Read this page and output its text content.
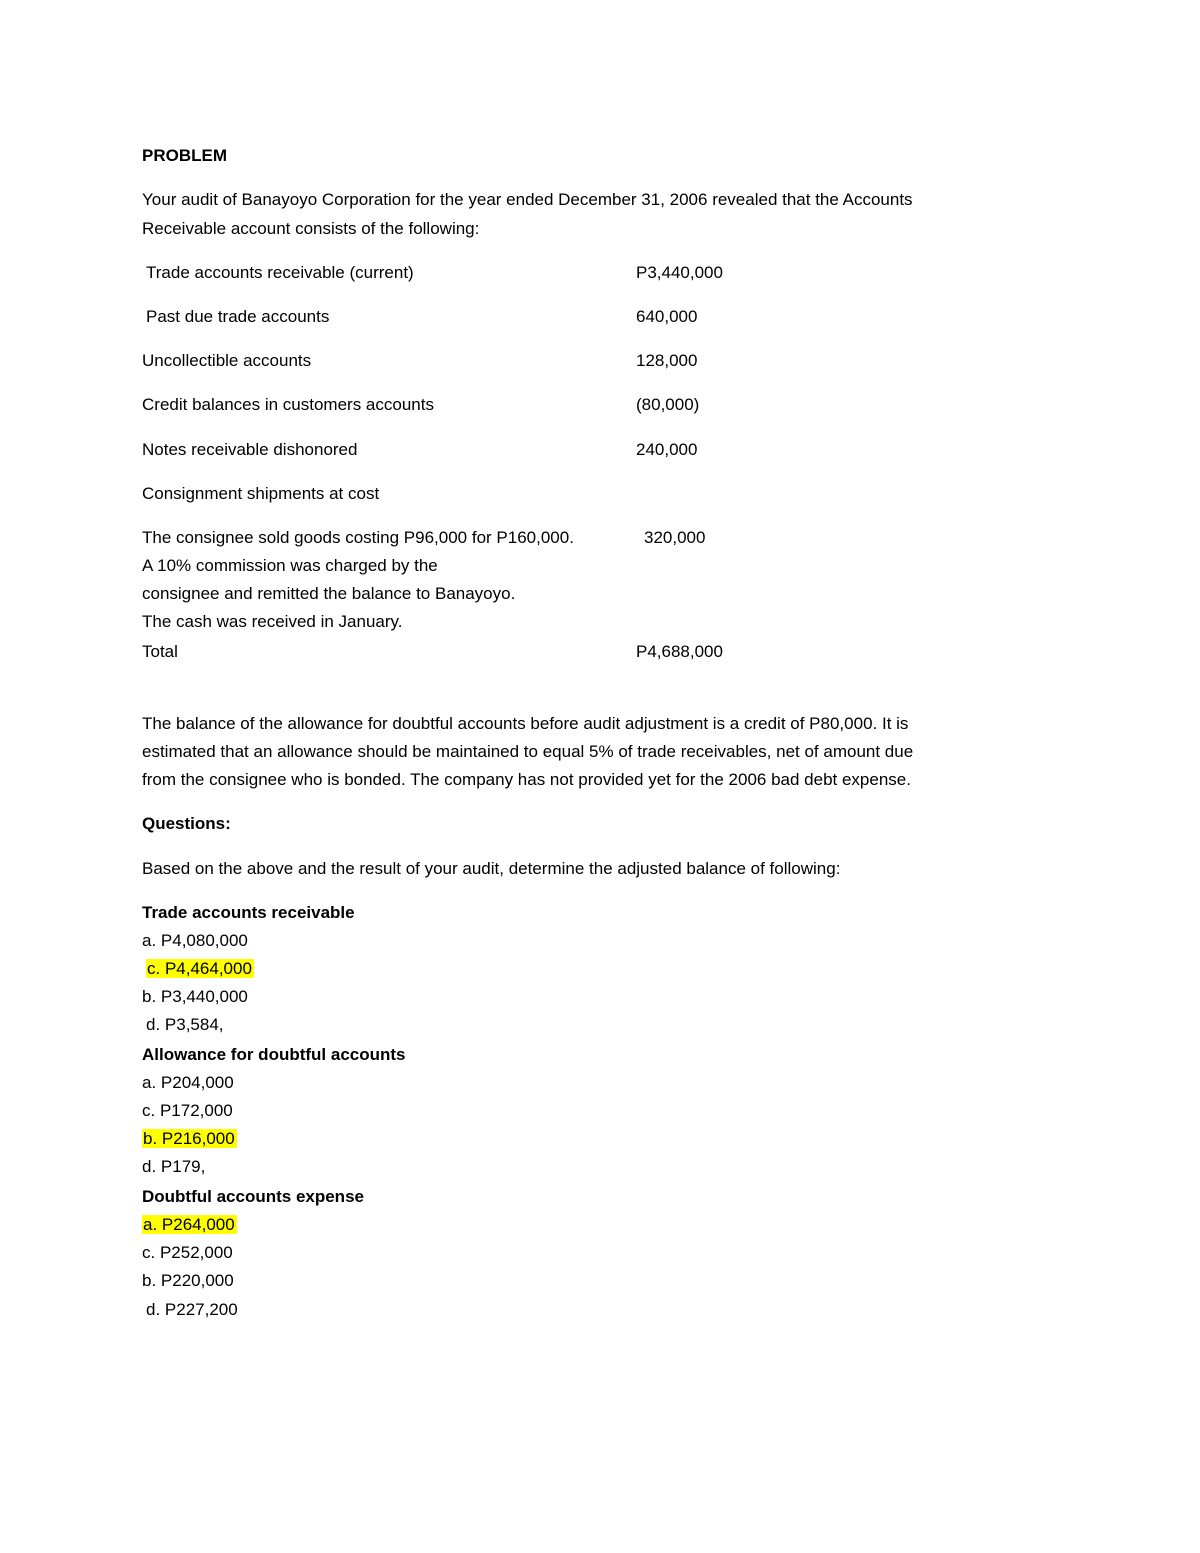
PROBLEM
Your audit of Banayoyo Corporation for the year ended December 31, 2006 revealed that the Accounts
Receivable account consists of the following:
Trade accounts receivable (current)	P3,440,000
Past due trade accounts	640,000
Uncollectible accounts	128,000
Credit balances in customers accounts	(80,000)
Notes receivable dishonored	240,000
Consignment shipments at cost
The consignee sold goods costing P96,000 for P160,000.	320,000
A 10% commission was charged by the
consignee and remitted the balance to Banayoyo.
The cash was received in January.
Total	P4,688,000
The balance of the allowance for doubtful accounts before audit adjustment is a credit of P80,000. It is
estimated that an allowance should be maintained to equal 5% of trade receivables, net of amount due
from the consignee who is bonded. The company has not provided yet for the 2006 bad debt expense.
Questions:
Based on the above and the result of your audit, determine the adjusted balance of following:
Trade accounts receivable
a. P4,080,000
c. P4,464,000
b. P3,440,000
d. P3,584,
Allowance for doubtful accounts
a. P204,000
c. P172,000
b. P216,000
d. P179,
Doubtful accounts expense
a. P264,000
c. P252,000
b. P220,000
d. P227,200
